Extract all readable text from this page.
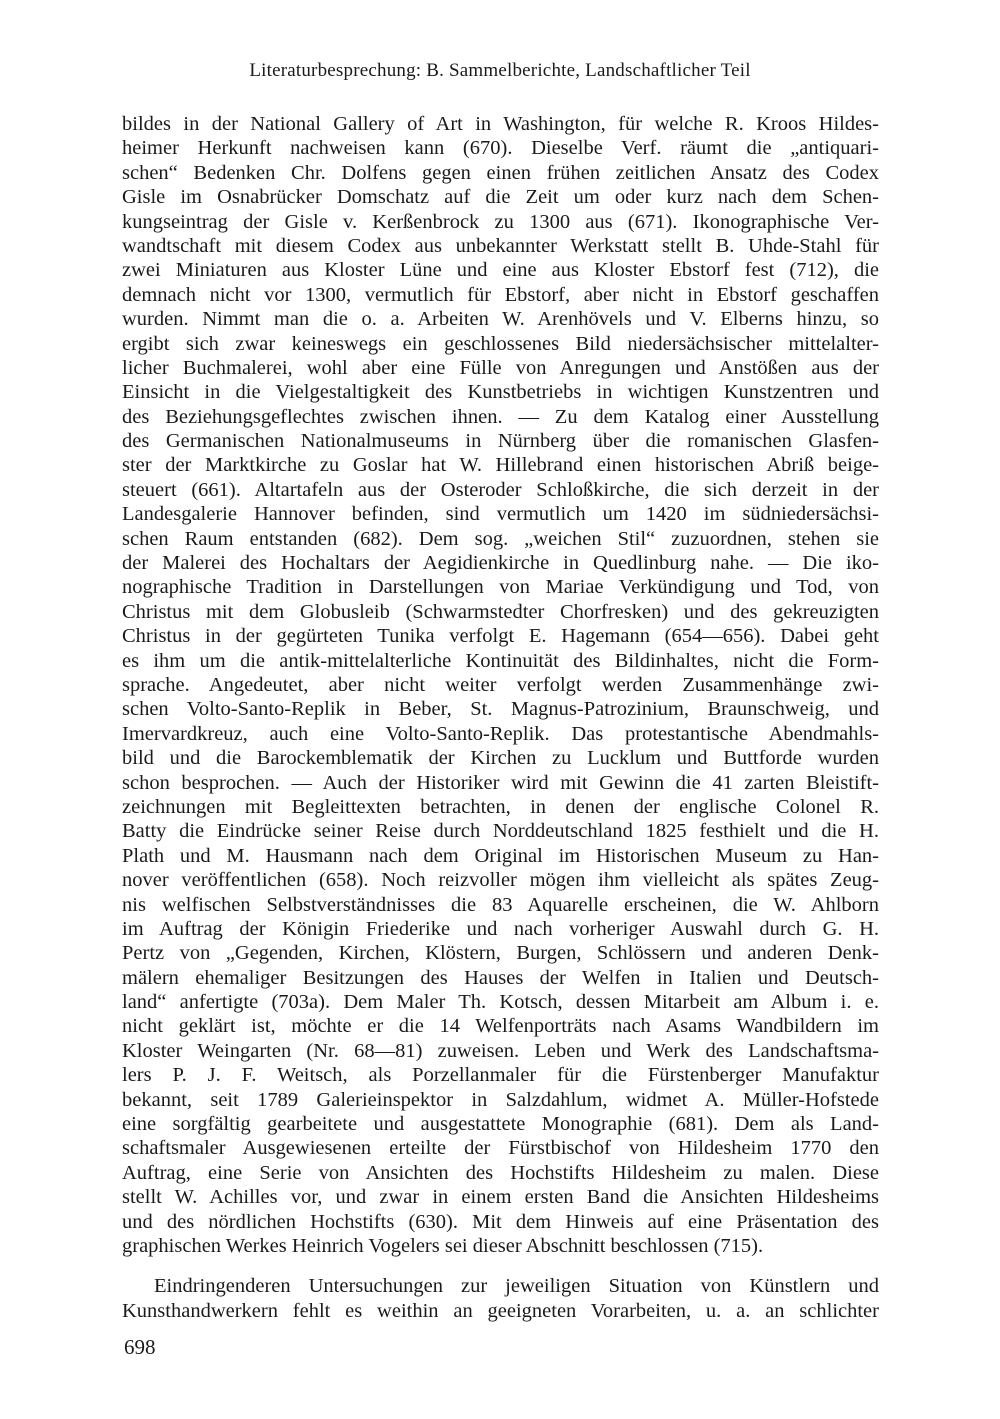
Literaturbesprechung: B. Sammelberichte, Landschaftlicher Teil
bildes in der National Gallery of Art in Washington, für welche R. Kroos Hildes-
heimer Herkunft nachweisen kann (670). Dieselbe Verf. räumt die „antiquari-
schen“ Bedenken Chr. Dolfens gegen einen frühen zeitlichen Ansatz des Codex
Gisle im Osnabrücker Domschatz auf die Zeit um oder kurz nach dem Schen-
kungseintrag der Gisle v. Kerßenbrock zu 1300 aus (671). Ikonographische Ver-
wandtschaft mit diesem Codex aus unbekannter Werkstatt stellt B. Uhde-Stahl für
zwei Miniaturen aus Kloster Lüne und eine aus Kloster Ebstorf fest (712), die
demnach nicht vor 1300, vermutlich für Ebstorf, aber nicht in Ebstorf geschaffen
wurden. Nimmt man die o. a. Arbeiten W. Arenhövels und V. Elberns hinzu, so
ergibt sich zwar keineswegs ein geschlossenes Bild niedersächsischer mittelalter-
licher Buchmalerei, wohl aber eine Fülle von Anregungen und Anstößen aus der
Einsicht in die Vielgestaltigkeit des Kunstbetriebs in wichtigen Kunstzentren und
des Beziehungsgeflechtes zwischen ihnen. — Zu dem Katalog einer Ausstellung
des Germanischen Nationalmuseums in Nürnberg über die romanischen Glasfen-
ster der Marktkirche zu Goslar hat W. Hillebrand einen historischen Abriß beige-
steuert (661). Altartafeln aus der Osteroder Schloßkirche, die sich derzeit in der
Landesgalerie Hannover befinden, sind vermutlich um 1420 im südniedersächsi-
schen Raum entstanden (682). Dem sog. „weichen Stil“ zuzuordnen, stehen sie
der Malerei des Hochaltars der Aegidienkirche in Quedlinburg nahe. — Die iko-
nographische Tradition in Darstellungen von Mariae Verkündigung und Tod, von
Christus mit dem Globusleib (Schwarmstedter Chorfresken) und des gekreuzigten
Christus in der gegürteten Tunika verfolgt E. Hagemann (654—656). Dabei geht
es ihm um die antik-mittelalterliche Kontinuität des Bildinhaltes, nicht die Form-
sprache. Angedeutet, aber nicht weiter verfolgt werden Zusammenhänge zwi-
schen Volto-Santo-Replik in Beber, St. Magnus-Patrozinium, Braunschweig, und
Imervardkreuz, auch eine Volto-Santo-Replik. Das protestantische Abendmahls-
bild und die Barockemblematik der Kirchen zu Lucklum und Buttforde wurden
schon besprochen. — Auch der Historiker wird mit Gewinn die 41 zarten Bleistift-
zeichnungen mit Begleittexten betrachten, in denen der englische Colonel R.
Batty die Eindrücke seiner Reise durch Norddeutschland 1825 festhielt und die H.
Plath und M. Hausmann nach dem Original im Historischen Museum zu Han-
nover veröffentlichen (658). Noch reizvoller mögen ihm vielleicht als spätes Zeug-
nis welfischen Selbstverständnisses die 83 Aquarelle erscheinen, die W. Ahlborn
im Auftrag der Königin Friederike und nach vorheriger Auswahl durch G. H.
Pertz von „Gegenden, Kirchen, Klöstern, Burgen, Schlössern und anderen Denk-
mälern ehemaliger Besitzungen des Hauses der Welfen in Italien und Deutsch-
land“ anfertigte (703a). Dem Maler Th. Kotsch, dessen Mitarbeit am Album i. e.
nicht geklärt ist, möchte er die 14 Welfenporträts nach Asams Wandbildern im
Kloster Weingarten (Nr. 68—81) zuweisen. Leben und Werk des Landschaftsma-
lers P. J. F. Weitsch, als Porzellanmaler für die Fürstenberger Manufaktur
bekannt, seit 1789 Galerieinspektor in Salzdahlum, widmet A. Müller-Hofstede
eine sorgfältig gearbeitete und ausgestattete Monographie (681). Dem als Land-
schaftsmaler Ausgewiesenen erteilte der Fürstbischof von Hildesheim 1770 den
Auftrag, eine Serie von Ansichten des Hochstifts Hildesheim zu malen. Diese
stellt W. Achilles vor, und zwar in einem ersten Band die Ansichten Hildesheims
und des nördlichen Hochstifts (630). Mit dem Hinweis auf eine Präsentation des
graphischen Werkes Heinrich Vogelers sei dieser Abschnitt beschlossen (715).
Eindringenderen Untersuchungen zur jeweiligen Situation von Künstlern und
Kunsthandwerkern fehlt es weithin an geeigneten Vorarbeiten, u. a. an schlichter
698
